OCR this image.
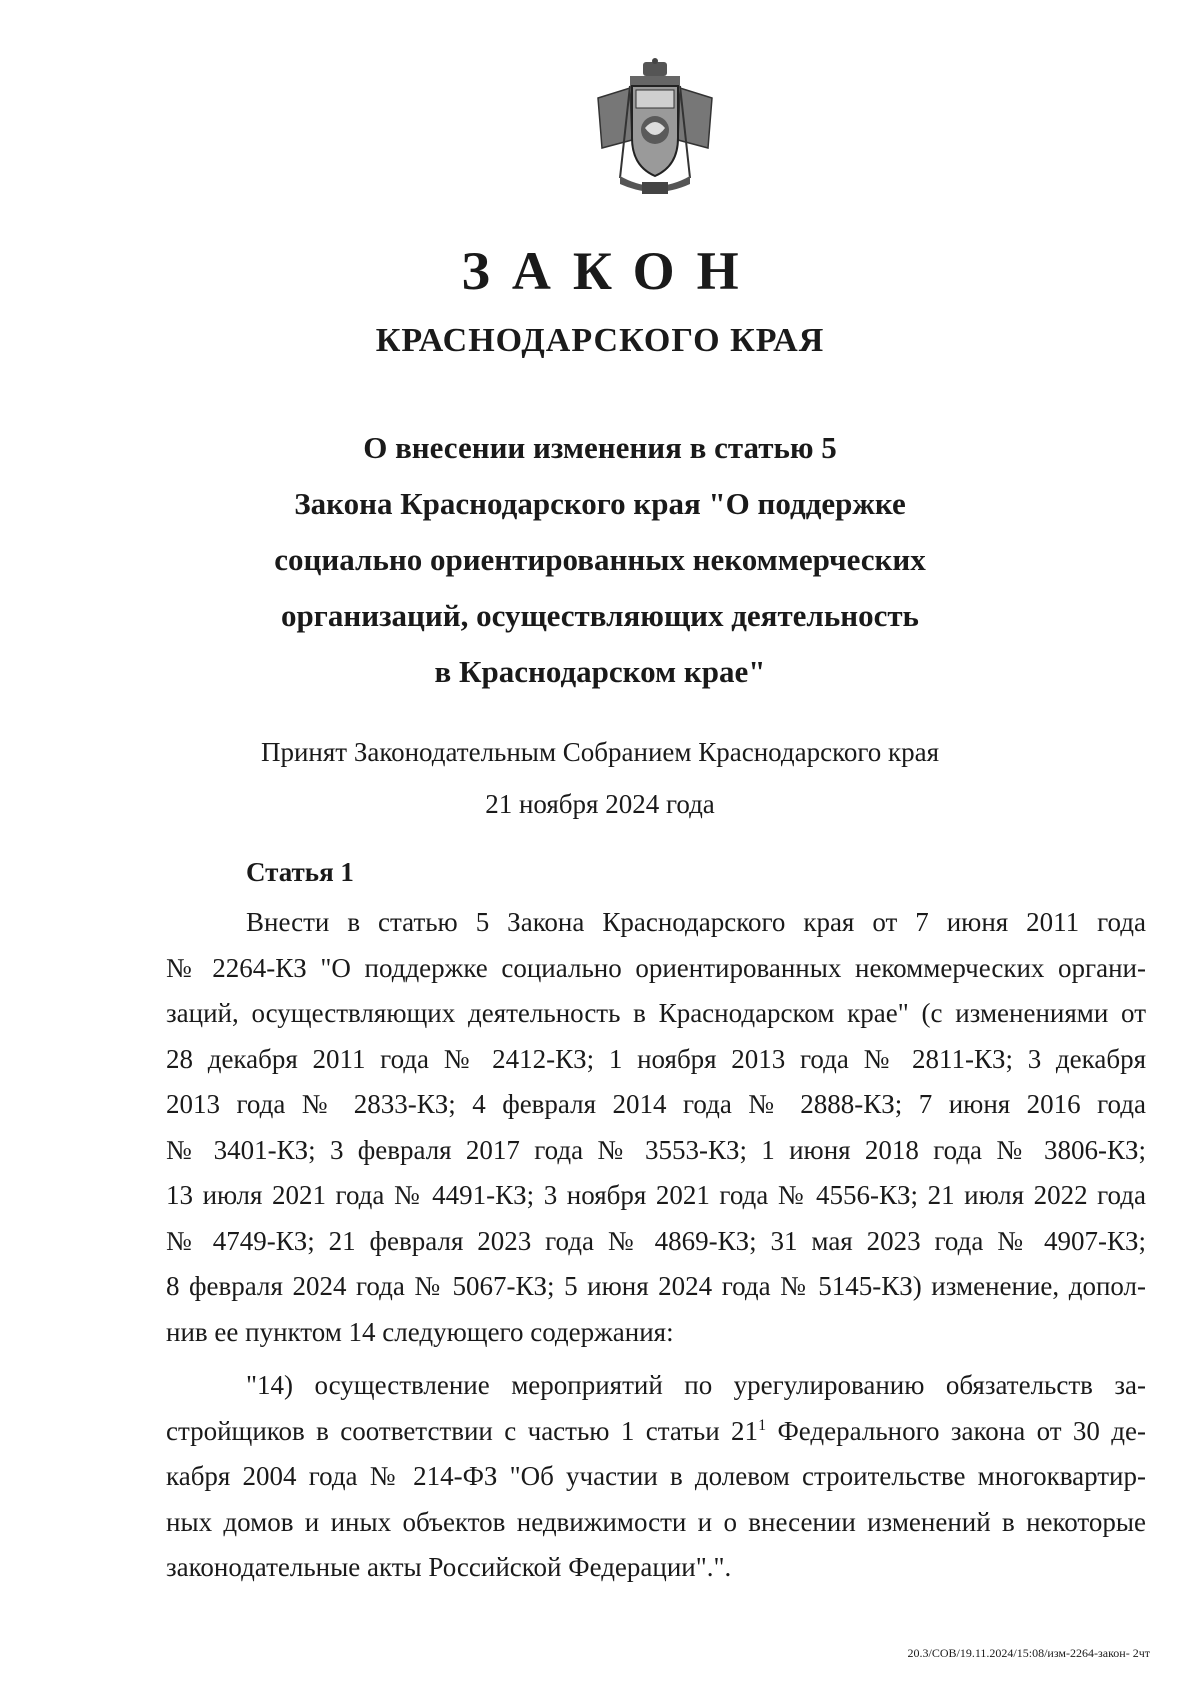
ЗАКОН
КРАСНОДАРСКОГО КРАЯ
О внесении изменения в статью 5
Закона Краснодарского края "О поддержке
социально ориентированных некоммерческих
организаций, осуществляющих деятельность
в Краснодарском крае"
Принят Законодательным Собранием Краснодарского края
21 ноября 2024 года
Статья 1
Внести в статью 5 Закона Краснодарского края от 7 июня 2011 года
№ 2264-КЗ "О поддержке социально ориентированных некоммерческих органи-
заций, осуществляющих деятельность в Краснодарском крае" (с изменениями от
28 декабря 2011 года № 2412-КЗ; 1 ноября 2013 года № 2811-КЗ; 3 декабря
2013 года № 2833-КЗ; 4 февраля 2014 года № 2888-КЗ; 7 июня 2016 года
№ 3401-КЗ; 3 февраля 2017 года № 3553-КЗ; 1 июня 2018 года № 3806-КЗ;
13 июля 2021 года № 4491-КЗ; 3 ноября 2021 года № 4556-КЗ; 21 июля 2022 года
№ 4749-КЗ; 21 февраля 2023 года № 4869-КЗ; 31 мая 2023 года № 4907-КЗ;
8 февраля 2024 года № 5067-КЗ; 5 июня 2024 года № 5145-КЗ) изменение, допол-
нив ее пунктом 14 следующего содержания:
"14) осуществление мероприятий по урегулированию обязательств за-
стройщиков в соответствии с частью 1 статьи $21^1$ Федерального закона от 30 де-
кабря 2004 года № 214-ФЗ "Об участии в долевом строительстве многоквартир-
ных домов и иных объектов недвижимости и о внесении изменений в некоторые
законодательные акты Российской Федерации".".
20.3/СОВ/19.11.2024/15:08/изм-2264-закон- 2чт
